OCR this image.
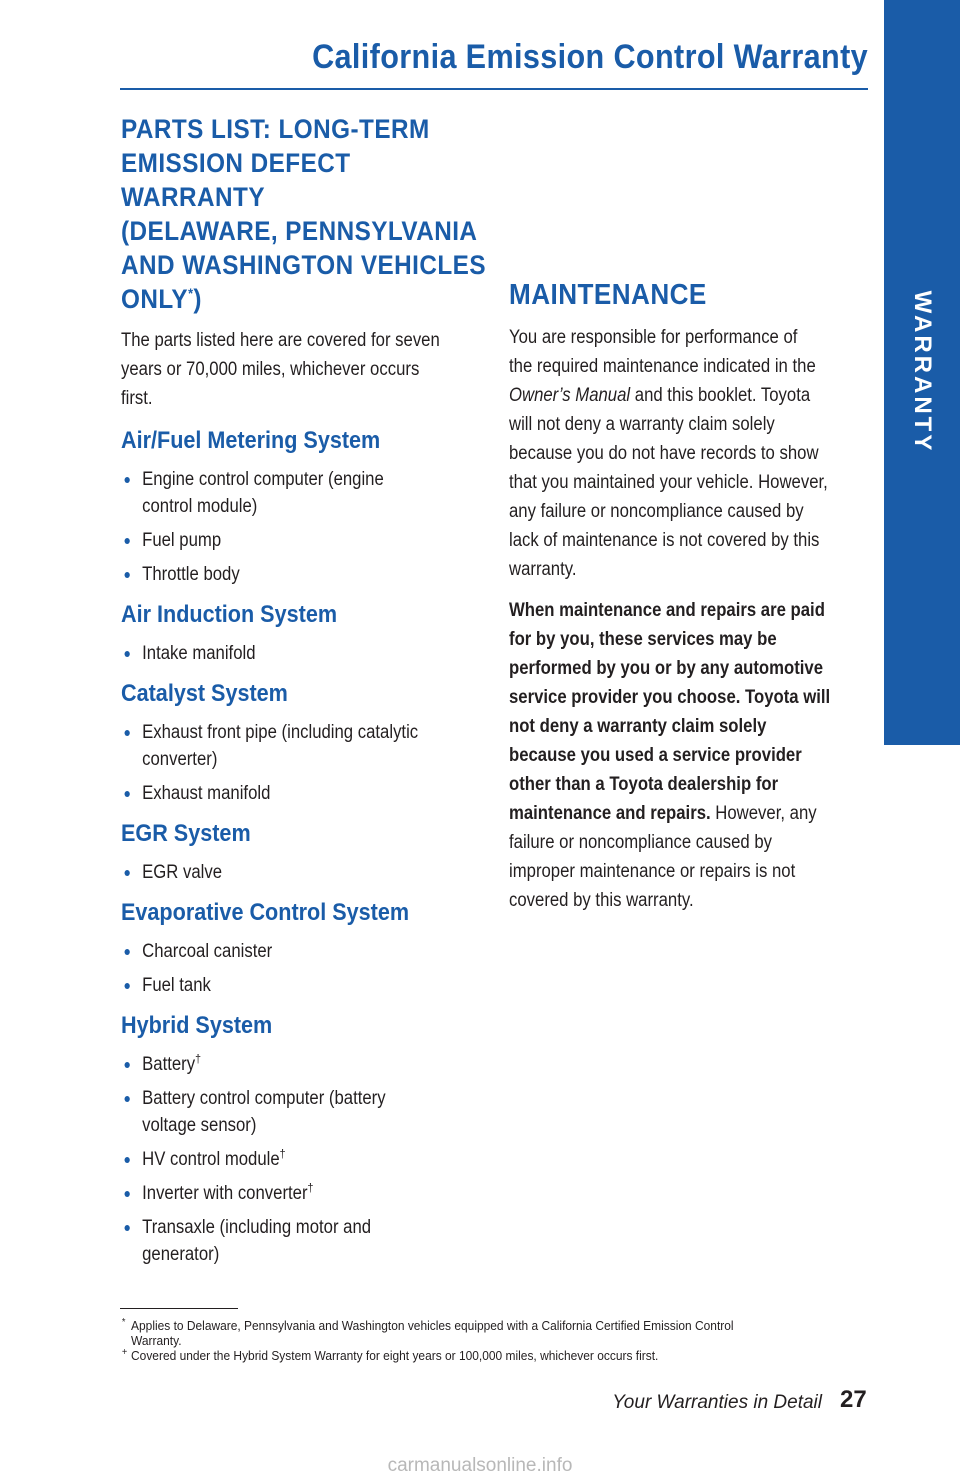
California Emission Control Warranty
WARRANTY
PARTS LIST: LONG-TERM
EMISSION DEFECT WARRANTY
(DELAWARE, PENNSYLVANIA
AND WASHINGTON VEHICLES
ONLY*)
The parts listed here are covered for seven
years or 70,000 miles, whichever occurs
first.
Air/Fuel Metering System
Engine control computer (engine
control module)
Fuel pump
Throttle body
Air Induction System
Intake manifold
Catalyst System
Exhaust front pipe (including catalytic
converter)
Exhaust manifold
EGR System
EGR valve
Evaporative Control System
Charcoal canister
Fuel tank
Hybrid System
Battery†
Battery control computer (battery
voltage sensor)
HV control module†
Inverter with converter†
Transaxle (including motor and
generator)
MAINTENANCE
You are responsible for performance of
the required maintenance indicated in the
Owner’s Manual and this booklet. Toyota
will not deny a warranty claim solely
because you do not have records to show
that you maintained your vehicle. However,
any failure or noncompliance caused by
lack of maintenance is not covered by this
warranty.
When maintenance and repairs are paid
for by you, these services may be
performed by you or by any automotive
service provider you choose. Toyota will
not deny a warranty claim solely
because you used a service provider
other than a Toyota dealership for
maintenance and repairs. However, any
failure or noncompliance caused by
improper maintenance or repairs is not
covered by this warranty.
* Applies to Delaware, Pennsylvania and Washington vehicles equipped with a California Certified Emission Control
Warranty.
+ Covered under the Hybrid System Warranty for eight years or 100,000 miles, whichever occurs first.
Your Warranties in Detail 27
carmanualsonline.info
